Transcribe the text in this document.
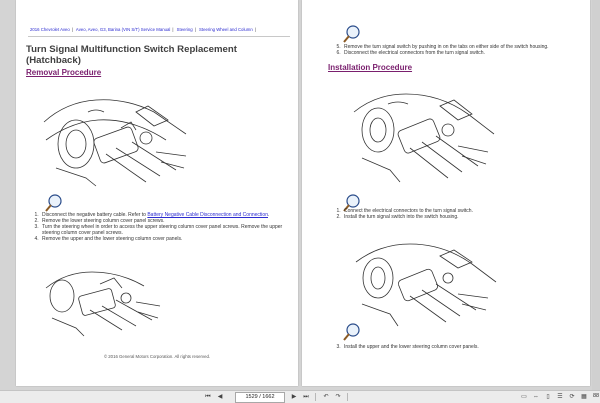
2016 Chevrolet Aveo | Aveo, Aveo, G3, Barina (VIN S/T) Service Manual | Steering | Steering Wheel and Column |
Turn Signal Multifunction Switch Replacement (Hatchback)
Removal Procedure
1. Disconnect the negative battery cable. Refer to Battery Negative Cable Disconnection and Connection.
2. Remove the lower steering column cover panel screws.
3. Turn the steering wheel in order to access the upper steering column cover panel screws. Remove the upper steering column cover panel screws.
4. Remove the upper and the lower steering column cover panels.
© 2016 General Motors Corporation. All rights reserved.
5. Remove the turn signal switch by pushing in on the tabs on either side of the switch housing.
6. Disconnect the electrical connectors from the turn signal switch.
Installation Procedure
1. Connect the electrical connectors to the turn signal switch.
2. Install the turn signal switch into the switch housing.
3. Install the upper and the lower steering column cover panels.
⏮ ◀
1529 / 1662	▶ ⏭ ↶ ↷	▭ ⇔	▯	☰ ⟳ ▦ 88
